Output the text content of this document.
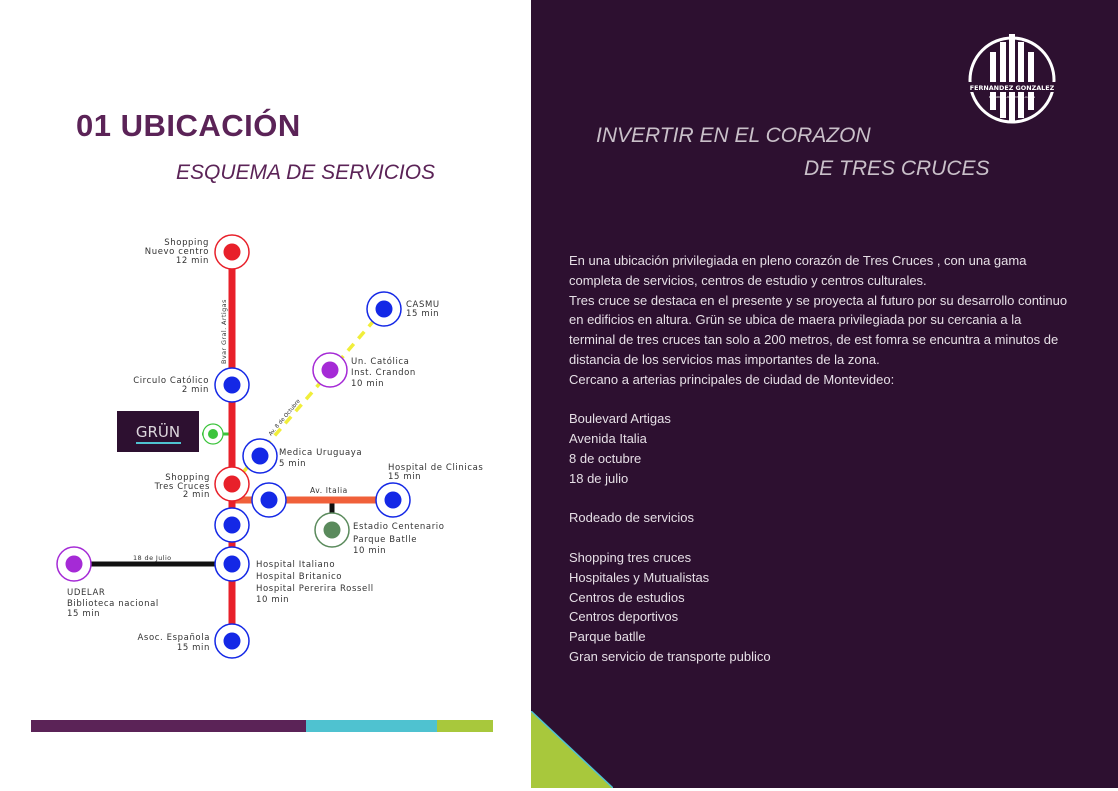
01 UBICACIÓN
ESQUEMA DE SERVICIOS
Bvar Gral. Artigas
Av. 8 de Octubre
Av. Italia
18 de Julio
Shopping
Nuevo centro
12 min
CASMU
15 min
Un. Católica
Inst. Crandon
10 min
Circulo Católico
2 min
Medica Uruguaya
5 min
Shopping
Tres Cruces
2 min
Hospital de Clinicas
15 min
Estadio Centenario
Parque Batlle
10 min
Hospital Italiano
Hospital Britanico
Hospital Pererira Rossell
10 min
UDELAR
Biblioteca nacional
15 min
Asoc. Española
15 min
GRÜN
FERNANDEZ GONZALEZ
DESARROLLOS INMOBILIARIOS
INVERTIR EN EL CORAZON
DE TRES CRUCES

En una ubicación privilegiada en pleno corazón de Tres Cruces , con una gama completa de servicios, centros de estudio y centros culturales.

Tres cruce se destaca en el presente y se proyecta al futuro por su desarrollo continuo en edificios en altura. Grün se ubica de maera privilegiada por su cercania a la terminal de tres cruces tan solo a 200 metros, de est fomra se encuntra a minutos de distancia de los servicios mas importantes de la zona.

Cercano a arterias principales de ciudad de Montevideo:

Boulevard Artigas

Avenida Italia

8 de octubre

18 de julio

Rodeado de servicios

Shopping tres cruces

Hospitales y Mutualistas

Centros de estudios

Centros deportivos

Parque batlle

Gran servicio de transporte publico
